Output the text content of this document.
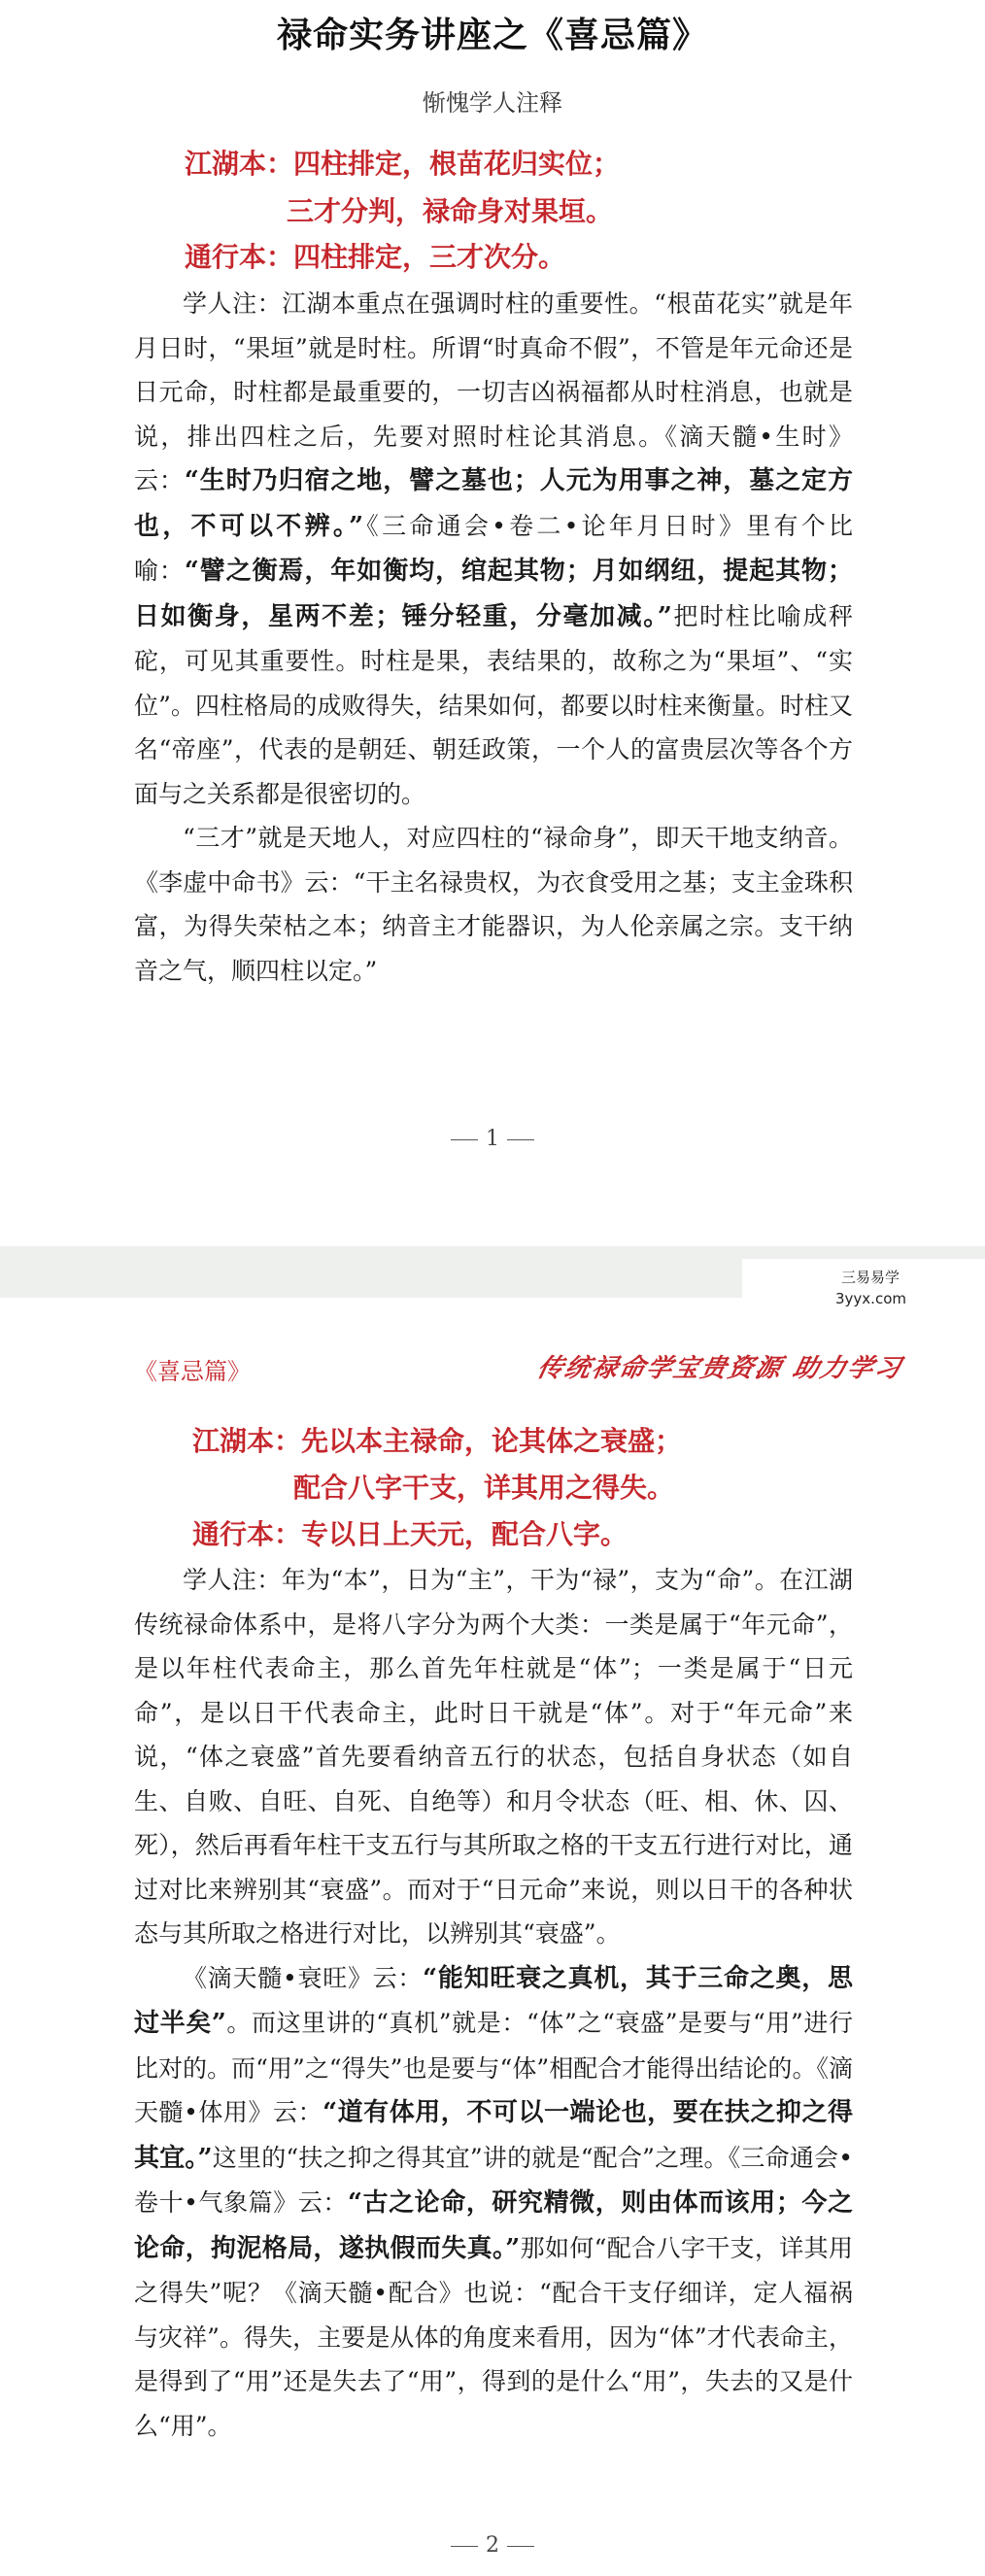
禄命实务讲座之《喜忌篇》
惭愧学人注释
江湖本：四柱排定，根苗花归实位；
三才分判，禄命身对果垣。
通行本：四柱排定，三才次分。

学人注：江湖本重点在强调时柱的重要性。“根苗花实”就是年月日时，“果垣”就是时柱。所谓“时真命不假”，不管是年元命还是日元命，时柱都是最重要的，一切吉凶祸福都从时柱消息，也就是说，排出四柱之后，先要对照时柱论其消息。《滴天髓•生时》云：“生时乃归宿之地，譬之墓也；人元为用事之神，墓之定方也，不可以不辨。”《三命通会•卷二•论年月日时》里有个比喻：“譬之衡焉，年如衡均，绾起其物；月如纲纽，提起其物；日如衡身，星两不差；锤分轻重，分毫加减。”把时柱比喻成秤砣，可见其重要性。时柱是果，表结果的，故称之为“果垣”、“实位”。四柱格局的成败得失，结果如何，都要以时柱来衡量。时柱又名“帝座”，代表的是朝廷、朝廷政策，一个人的富贵层次等各个方面与之关系都是很密切的。

“三才”就是天地人，对应四柱的“禄命身”，即天干地支纳音。《李虚中命书》云：“干主名禄贵权，为衣食受用之基；支主金珠积富，为得失荣枯之本；纳音主才能器识，为人伦亲属之宗。支干纳音之气，顺四柱以定。”

1
《喜忌篇》	传统禄命学宝贵资源 助力学习
江湖本：先以本主禄命，论其体之衰盛；
配合八字干支，详其用之得失。
通行本：专以日上天元，配合八字。

学人注：年为“本”，日为“主”，干为“禄”，支为“命”。在江湖传统禄命体系中，是将八字分为两个大类：一类是属于“年元命”，是以年柱代表命主，那么首先年柱就是“体”；一类是属于“日元命”，是以日干代表命主，此时日干就是“体”。对于“年元命”来说，“体之衰盛”首先要看纳音五行的状态，包括自身状态（如自生、自败、自旺、自死、自绝等）和月令状态（旺、相、休、囚、死），然后再看年柱干支五行与其所取之格的干支五行进行对比，通过对比来辨别其“衰盛”。而对于“日元命”来说，则以日干的各种状态与其所取之格进行对比，以辨别其“衰盛”。

《滴天髓•衰旺》云：“能知旺衰之真机，其于三命之奥，思过半矣”。而这里讲的“真机”就是：“体”之“衰盛”是要与“用”进行比对的。而“用”之“得失”也是要与“体”相配合才能得出结论的。《滴天髓•体用》云：“道有体用，不可以一端论也，要在扶之抑之得其宜。”这里的“扶之抑之得其宜”讲的就是“配合”之理。《三命通会•卷十•气象篇》云：“古之论命，研究精微，则由体而该用；今之论命，拘泥格局，遂执假而失真。”那如何“配合八字干支，详其用之得失”呢？《滴天髓•配合》也说：“配合干支仔细详，定人福祸与灾祥”。得失，主要是从体的角度来看用，因为“体”才代表命主，是得到了“用”还是失去了“用”，得到的是什么“用”，失去的又是什么“用”。

2
三易易学
3yyx.com
